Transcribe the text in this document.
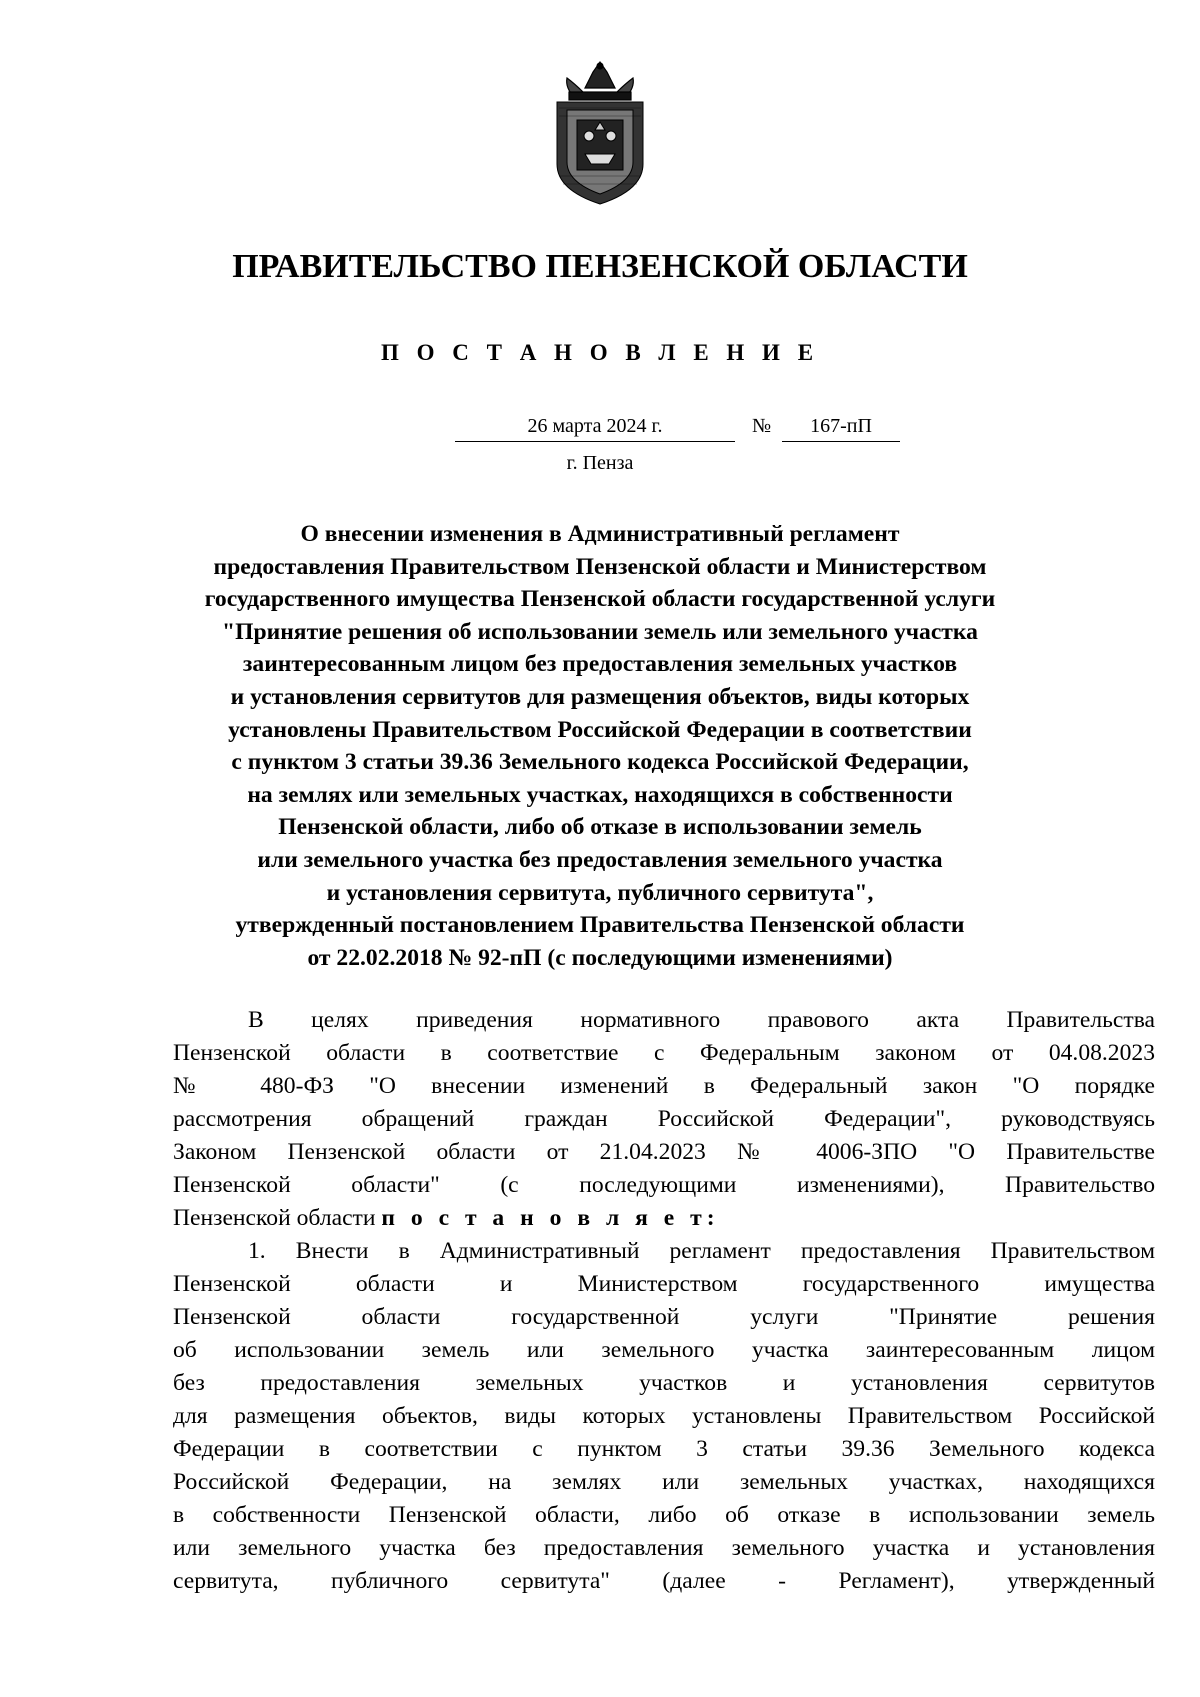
ПРАВИТЕЛЬСТВО ПЕНЗЕНСКОЙ ОБЛАСТИ
П О С Т А Н О В Л Е Н И Е
26 марта 2024 г.	№	167-пП
г. Пенза
О внесении изменения в Административный регламент
предоставления Правительством Пензенской области и Министерством
государственного имущества Пензенской области государственной услуги
"Принятие решения об использовании земель или земельного участка
заинтересованным лицом без предоставления земельных участков
и установления сервитутов для размещения объектов, виды которых
установлены Правительством Российской Федерации в соответствии
с пунктом 3 статьи 39.36 Земельного кодекса Российской Федерации,
на землях или земельных участках, находящихся в собственности
Пензенской области, либо об отказе в использовании земель
или земельного участка без предоставления земельного участка
и установления сервитута, публичного сервитута",
утвержденный постановлением Правительства Пензенской области
от 22.02.2018 № 92-пП (с последующими изменениями)
В целях приведения нормативного правового акта Правительства
Пензенской области в соответствие с Федеральным законом от 04.08.2023
№ 480-ФЗ "О внесении изменений в Федеральный закон "О порядке
рассмотрения обращений граждан Российской Федерации", руководствуясь
Законом Пензенской области от 21.04.2023 № 4006-ЗПО "О Правительстве
Пензенской области" (с последующими изменениями), Правительство
Пензенской области п о с т а н о в л я е т:
1. Внести в Административный регламент предоставления Правительством
Пензенской области и Министерством государственного имущества
Пензенской области государственной услуги "Принятие решения
об использовании земель или земельного участка заинтересованным лицом
без предоставления земельных участков и установления сервитутов
для размещения объектов, виды которых установлены Правительством Российской
Федерации в соответствии с пунктом 3 статьи 39.36 Земельного кодекса
Российской Федерации, на землях или земельных участках, находящихся
в собственности Пензенской области, либо об отказе в использовании земель
или земельного участка без предоставления земельного участка и установления
сервитута, публичного сервитута" (далее - Регламент), утвержденный
